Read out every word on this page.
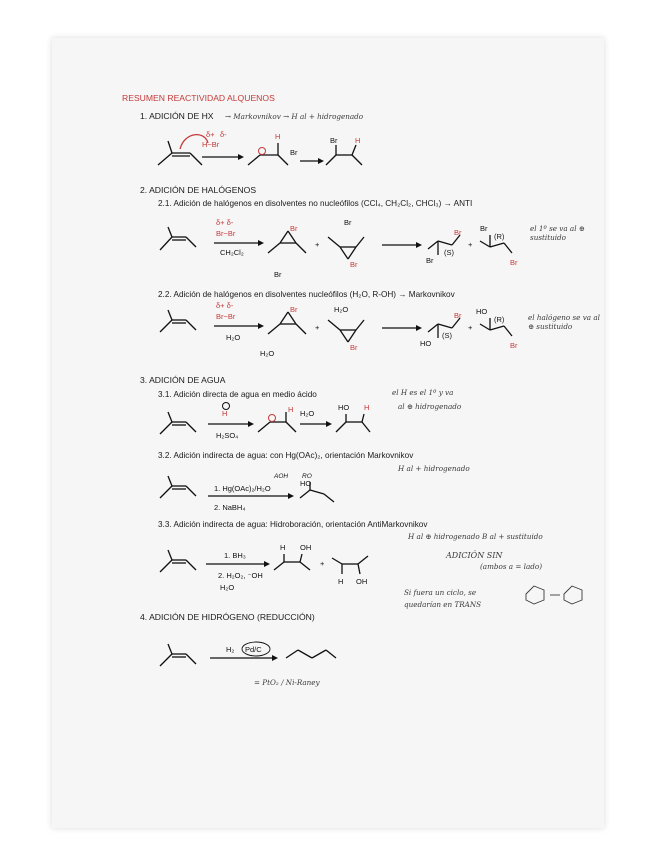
RESUMEN REACTIVIDAD ALQUENOS
1. ADICIÓN DE HX → Markovnikov → H al + hidrogenado
δ+ δ-
H−Br
H
Br
Br H
2. ADICIÓN DE HALÓGENOS
2.1. Adición de halógenos en disolventes no nucleófilos (CCl₄, CH₂Cl₂, CHCl₃) → ANTI
el 1º se va al ⊕ sustituido
δ+ δ-
Br−Br
CH₂Cl₂
Br
+
Br
Br
Br
Br
Br
(S)
+
Br
Br
(R)
2.2. Adición de halógenos en disolventes nucleófilos (H₂O, R-OH) → Markovnikov
el halógeno se va al ⊕ sustituido
δ+ δ-
Br−Br
H₂O
Br
H₂O
+
H₂O
Br	HO
Br
(S)
+
HO
Br
(R)
3. ADICIÓN DE AGUA
3.1. Adición directa de agua en medio ácido	el H es el 1º y va
al ⊕ hidrogenado
H
H₂SO₄
H H₂O
HO H
3.2. Adición indirecta de agua: con Hg(OAc)₂, orientación Markovnikov
H al + hidrogenado
1. Hg(OAc)₂/H₂O
2. NaBH₄
AOH RO
HO
3.3. Adición indirecta de agua: Hidroboración, orientación AntiMarkovnikov
H al ⊕ hidrogenado B al + sustituido
ADICIÓN SIN
(ambos a = lado)
Si fuera un ciclo, se
quedarían en TRANS
1. BH₃
2. H₂O₂, ⁻OH
H₂O
H OH
+
H OH
4. ADICIÓN DE HIDRÓGENO (REDUCCIÓN)
H₂ Pd/C
= PtO₂ / Ni-Raney
